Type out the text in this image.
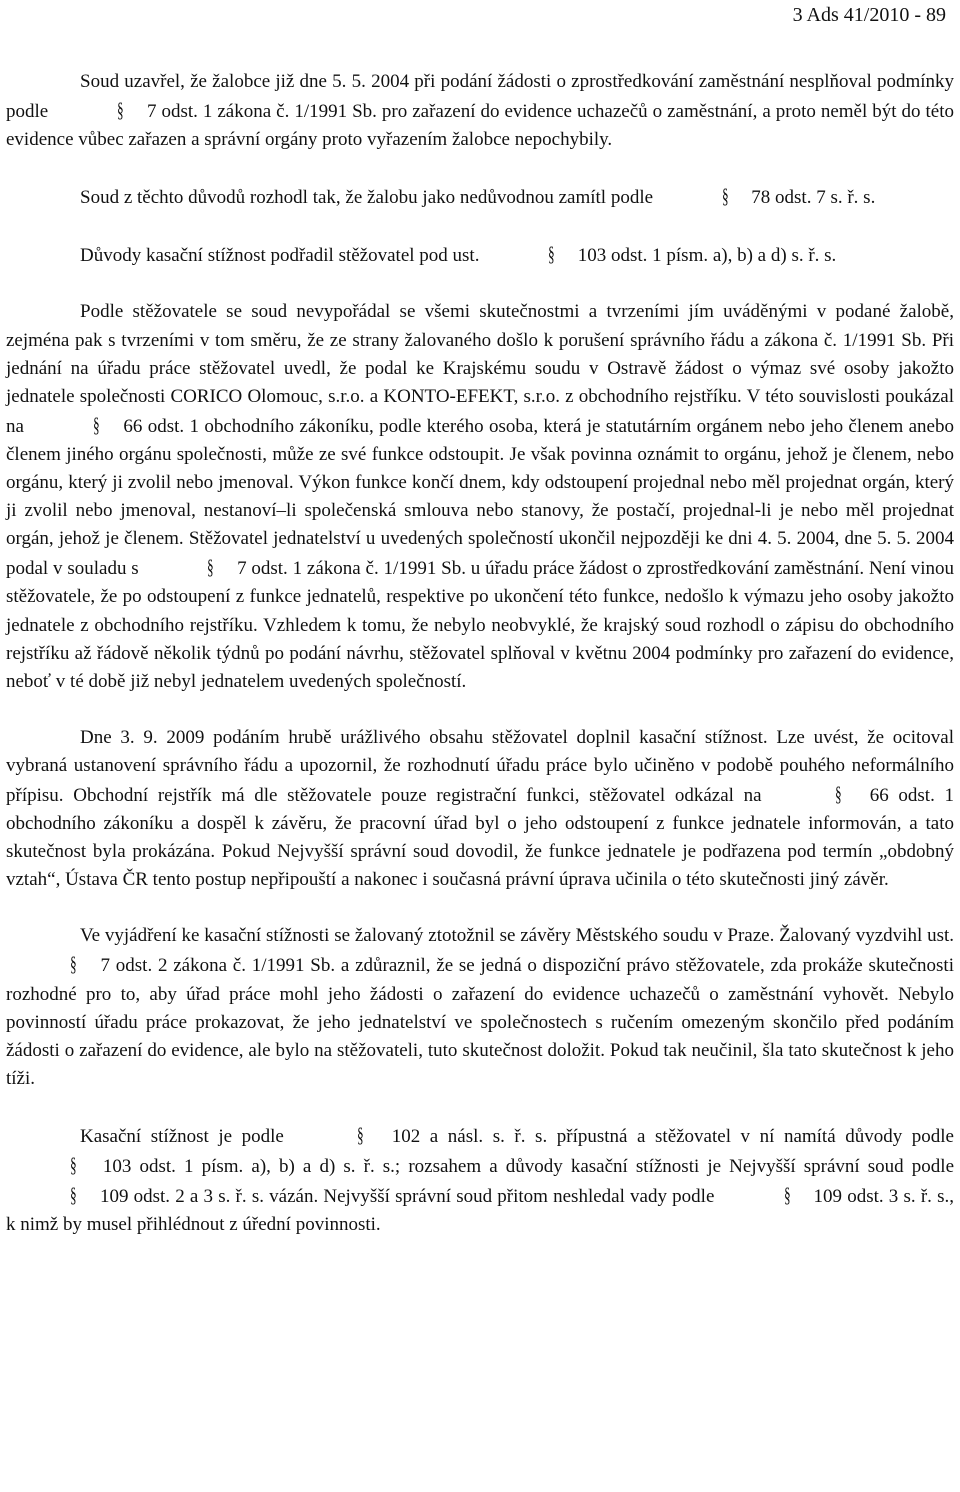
3 Ads 41/2010 - 89

Soud uzavřel, že žalobce již dne 5. 5. 2004 při podání žádosti o zprostředkování zaměstnání nesplňoval podmínky podle	§ 7 odst. 1 zákona č. 1/1991 Sb. pro zařazení do evidence uchazečů o zaměstnání, a proto neměl být do této evidence vůbec zařazen a správní orgány proto vyřazením žalobce nepochybily.

Soud z těchto důvodů rozhodl tak, že žalobu jako nedůvodnou zamítl podle	§ 78 odst. 7 s. ř. s.

Důvody kasační stížnost podřadil stěžovatel pod ust.	§ 103 odst. 1 písm. a), b) a d) s. ř. s.

Podle stěžovatele se soud nevypořádal se všemi skutečnostmi a tvrzeními jím uváděnými v podané žalobě, zejména pak s tvrzeními v tom směru, že ze strany žalovaného došlo k porušení správního řádu a zákona č. 1/1991 Sb. Při jednání na úřadu práce stěžovatel uvedl, že podal ke Krajskému soudu v Ostravě žádost o výmaz své osoby jakožto jednatele společnosti CORICO Olomouc, s.r.o. a KONTO-EFEKT, s.r.o. z obchodního rejstříku. V této souvislosti poukázal na	§ 66 odst. 1 obchodního zákoníku, podle kterého osoba, která je statutárním orgánem nebo jeho členem anebo členem jiného orgánu společnosti, může ze své funkce odstoupit. Je však povinna oznámit to orgánu, jehož je členem, nebo orgánu, který ji zvolil nebo jmenoval. Výkon funkce končí dnem, kdy odstoupení projednal nebo měl projednat orgán, který ji zvolil nebo jmenoval, nestanoví–li společenská smlouva nebo stanovy, že postačí, projednal-li je nebo měl projednat orgán, jehož je členem. Stěžovatel jednatelství u uvedených společností ukončil nejpozději ke dni 4. 5. 2004, dne 5. 5. 2004 podal v souladu s	§ 7 odst. 1 zákona č. 1/1991 Sb. u úřadu práce žádost o zprostředkování zaměstnání. Není vinou stěžovatele, že po odstoupení z funkce jednatelů, respektive po ukončení této funkce, nedošlo k výmazu jeho osoby jakožto jednatele z obchodního rejstříku. Vzhledem k tomu, že nebylo neobvyklé, že krajský soud rozhodl o zápisu do obchodního rejstříku až řádově několik týdnů po podání návrhu, stěžovatel splňoval v květnu 2004 podmínky pro zařazení do evidence, neboť v té době již nebyl jednatelem uvedených společností.

Dne 3. 9. 2009 podáním hrubě urážlivého obsahu stěžovatel doplnil kasační stížnost. Lze uvést, že ocitoval vybraná ustanovení správního řádu a upozornil, že rozhodnutí úřadu práce bylo učiněno v podobě pouhého neformálního přípisu. Obchodní rejstřík má dle stěžovatele pouze registrační funkci, stěžovatel odkázal na	§ 66 odst. 1 obchodního zákoníku a dospěl k závěru, že pracovní úřad byl o jeho odstoupení z funkce jednatele informován, a tato skutečnost byla prokázána. Pokud Nejvyšší správní soud dovodil, že funkce jednatele je podřazena pod termín „obdobný vztah“, Ústava ČR tento postup nepřipouští a nakonec i současná právní úprava učinila o této skutečnosti jiný závěr.

Ve vyjádření ke kasační stížnosti se žalovaný ztotožnil se závěry Městského soudu v Praze. Žalovaný vyzdvihl ust. § 7 odst. 2 zákona č. 1/1991 Sb. a zdůraznil, že se jedná o dispoziční právo stěžovatele, zda prokáže skutečnosti rozhodné pro to, aby úřad práce mohl jeho žádosti o zařazení do evidence uchazečů o zaměstnání vyhovět. Nebylo povinností úřadu práce prokazovat, že jeho jednatelství ve společnostech s ručením omezeným skončilo před podáním žádosti o zařazení do evidence, ale bylo na stěžovateli, tuto skutečnost doložit. Pokud tak neučinil, šla tato skutečnost k jeho tíži.

Kasační stížnost je podle	§ 102 a násl. s. ř. s. přípustná a stěžovatel v ní namítá důvody podle § 103 odst. 1 písm. a), b) a d) s. ř. s.; rozsahem a důvody kasační stížnosti je Nejvyšší správní soud podle § 109 odst. 2 a 3 s. ř. s. vázán. Nejvyšší správní soud přitom neshledal vady podle	§ 109 odst. 3 s. ř. s., k nimž by musel přihlédnout z úřední povinnosti.
